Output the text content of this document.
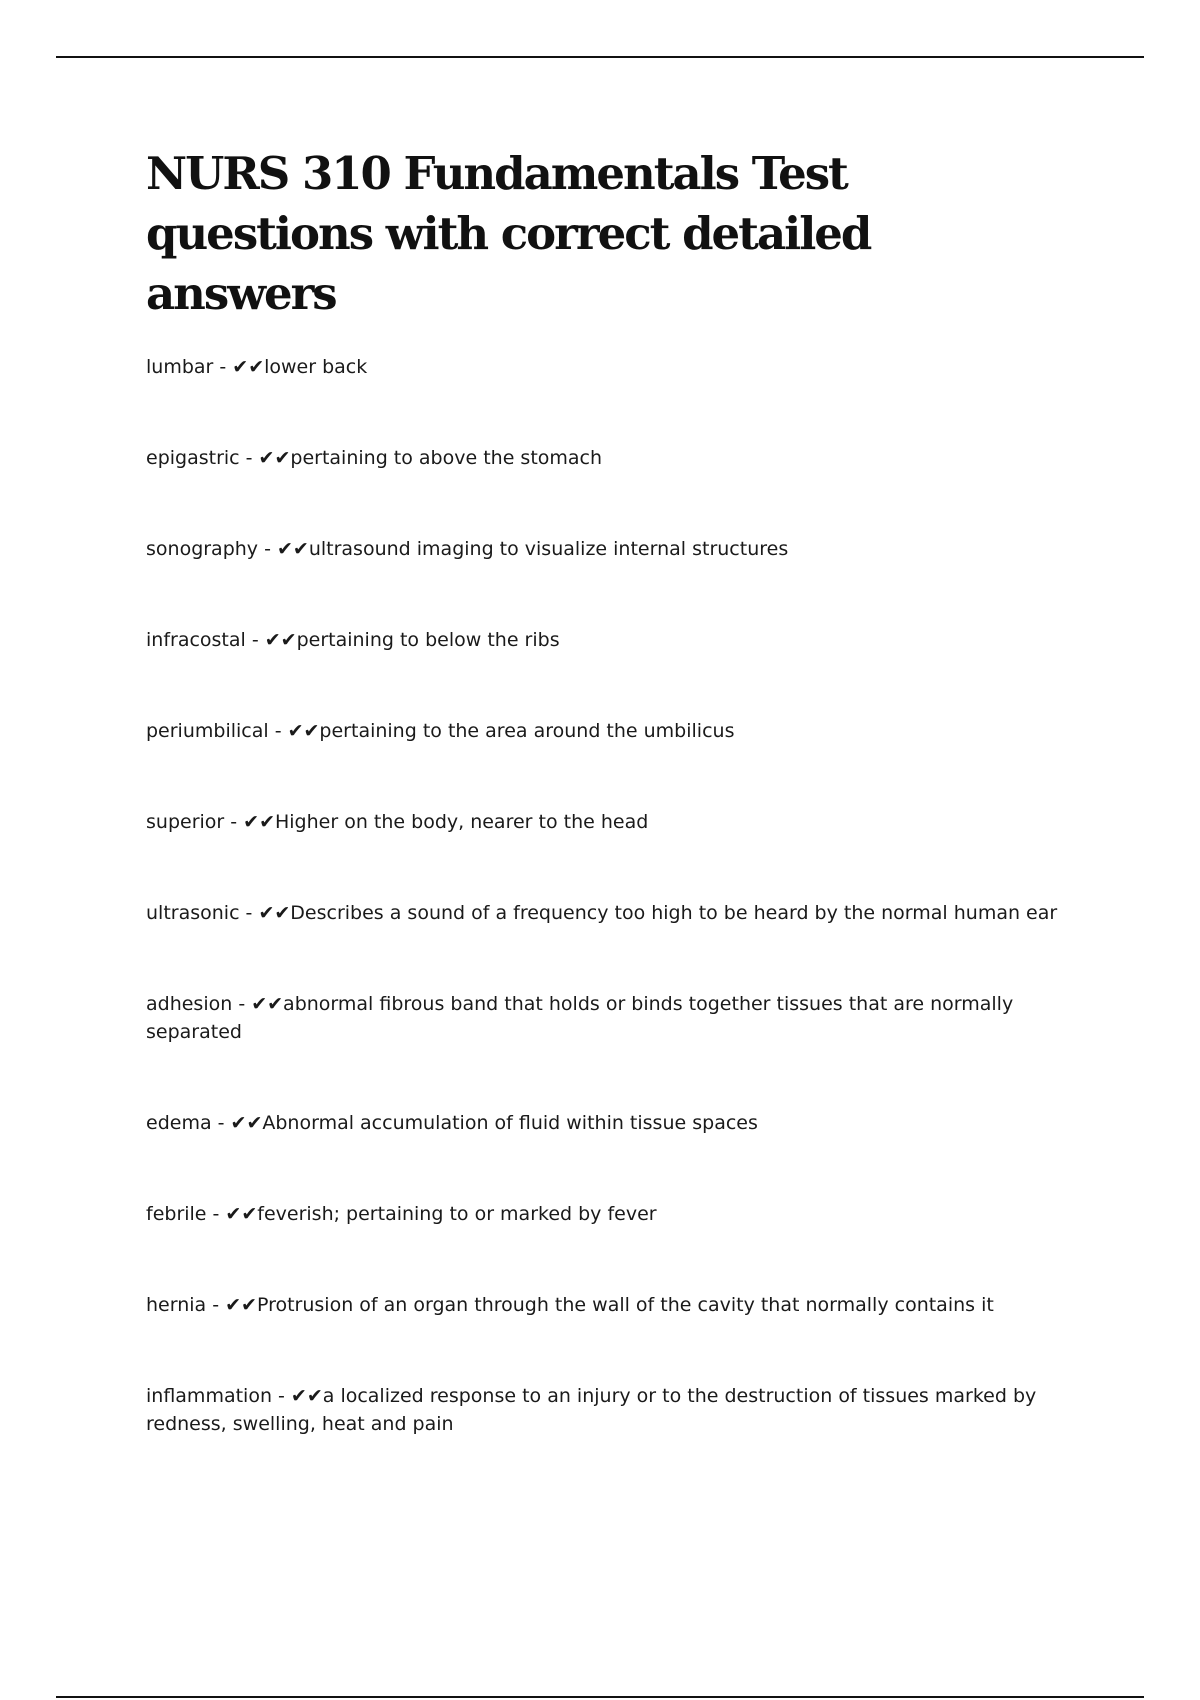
NURS 310 Fundamentals Test questions with correct detailed answers
lumbar - ✔✔lower back
epigastric - ✔✔pertaining to above the stomach
sonography - ✔✔ultrasound imaging to visualize internal structures
infracostal - ✔✔pertaining to below the ribs
periumbilical - ✔✔pertaining to the area around the umbilicus
superior - ✔✔Higher on the body, nearer to the head
ultrasonic - ✔✔Describes a sound of a frequency too high to be heard by the normal human ear
adhesion - ✔✔abnormal fibrous band that holds or binds together tissues that are normally separated
edema - ✔✔Abnormal accumulation of fluid within tissue spaces
febrile - ✔✔feverish; pertaining to or marked by fever
hernia - ✔✔Protrusion of an organ through the wall of the cavity that normally contains it
inflammation - ✔✔a localized response to an injury or to the destruction of tissues marked by redness, swelling, heat and pain
